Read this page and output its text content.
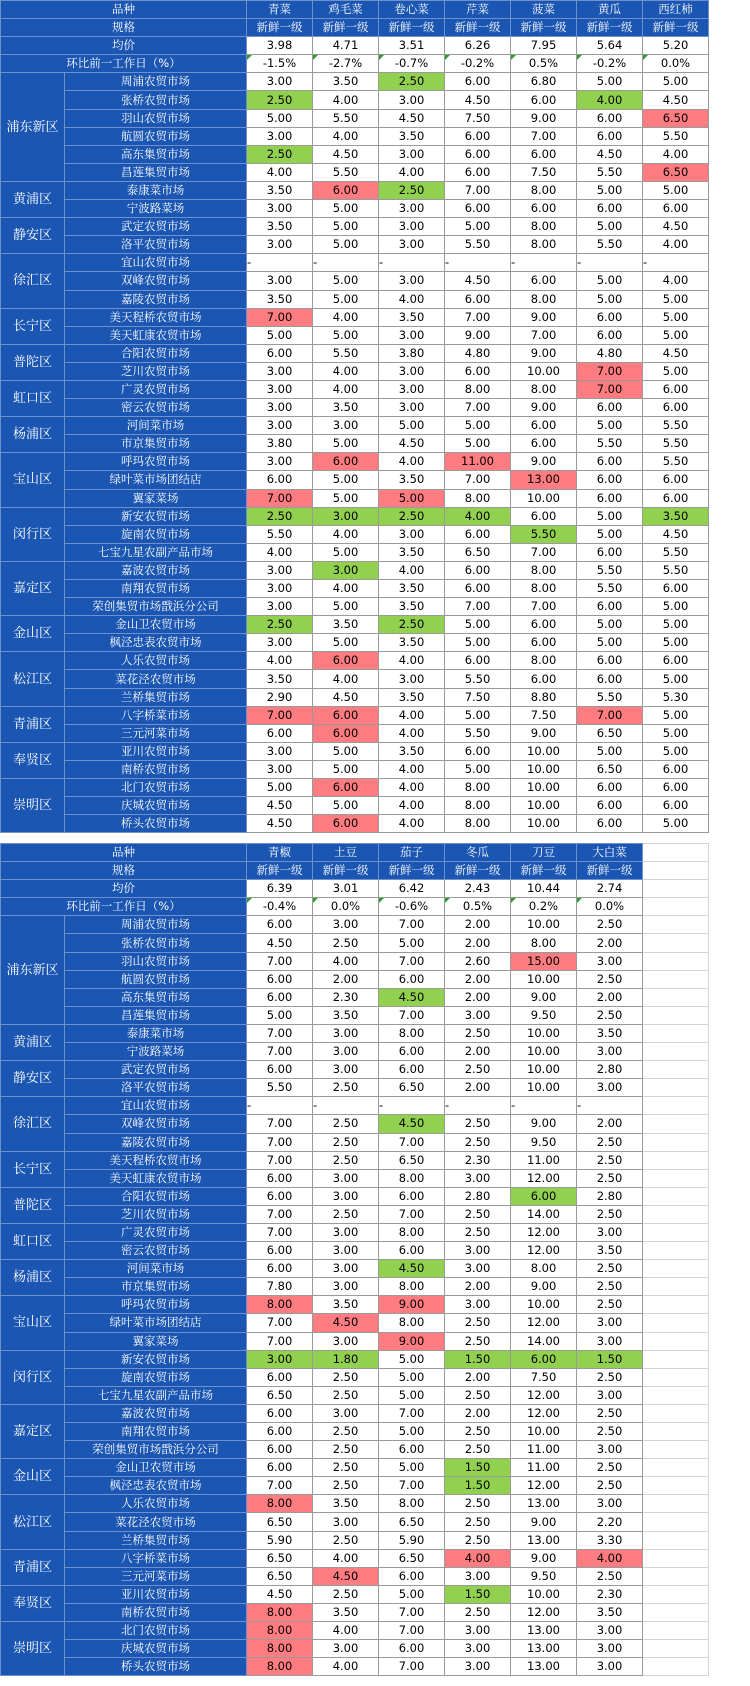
品种		青菜	鸡毛菜	卷心菜	芹菜	菠菜	黄瓜	西红柿
规格		新鲜一级	新鲜一级	新鲜一级	新鲜一级	新鲜一级	新鲜一级	新鲜一级
均价		3.98	4.71	3.51	6.26	7.95	5.64	5.20
环比前一工作日（%）		-1.5%	-2.7%	-0.7%	-0.2%	0.5%	-0.2%	0.0%
浦东新区	周浦农贸市场	3.00	3.50	2.50	6.00	6.80	5.00	5.00
	张桥农贸市场	2.50	4.00	3.00	4.50	6.00	4.00	4.50
	羽山农贸市场	5.00	5.50	4.50	7.50	9.00	6.00	6.50
	航圆农贸市场	3.00	4.00	3.50	6.00	7.00	6.00	5.50
	高东集贸市场	2.50	4.50	3.00	6.00	6.00	4.50	4.00
	昌莲集贸市场	4.00	5.50	4.00	6.00	7.50	5.50	6.50
黄浦区	泰康菜市场	3.50	6.00	2.50	7.00	8.00	5.00	5.00
	宁波路菜场	3.00	5.00	3.00	6.00	6.00	6.00	6.00
静安区	武定农贸市场	3.50	5.00	3.00	5.00	8.00	5.00	4.50
	洛平农贸市场	3.00	5.00	3.00	5.50	8.00	5.50	4.00
徐汇区	宜山农贸市场	-	-	-	-	-	-	-
	双峰农贸市场	3.00	5.00	3.00	4.50	6.00	5.00	4.00
	嘉陵农贸市场	3.50	5.00	4.00	6.00	8.00	5.00	5.00
长宁区	美天程桥农贸市场	7.00	4.00	3.50	7.00	9.00	6.00	5.00
	美天虹康农贸市场	5.00	5.00	3.00	9.00	7.00	6.00	5.00
普陀区	合阳农贸市场	6.00	5.50	3.80	4.80	9.00	4.80	4.50
	芝川农贸市场	3.00	4.00	3.00	6.00	10.00	7.00	5.00
虹口区	广灵农贸市场	3.00	4.00	3.00	8.00	8.00	7.00	6.00
	密云农贸市场	3.00	3.50	3.00	7.00	9.00	6.00	6.00
杨浦区	河间菜市场	3.00	3.00	5.00	5.00	6.00	5.00	5.50
	市京集贸市场	3.80	5.00	4.50	5.00	6.00	5.50	5.50
宝山区	呼玛农贸市场	3.00	6.00	4.00	11.00	9.00	6.00	5.50
	绿叶菜市场团结店	6.00	5.00	3.50	7.00	13.00	6.00	6.00
	翼家菜场	7.00	5.00	5.00	8.00	10.00	6.00	6.00
闵行区	新安农贸市场	2.50	3.00	2.50	4.00	6.00	5.00	3.50
	旋南农贸市场	5.50	4.00	3.00	6.00	5.50	5.00	4.50
	七宝九星农副产品市场	4.00	5.00	3.50	6.50	7.00	6.00	5.50
嘉定区	嘉波农贸市场	3.00	3.00	4.00	6.00	8.00	5.50	5.50
	南翔农贸市场	3.00	4.00	3.50	6.00	8.00	5.50	6.00
	荣创集贸市场戬浜分公司	3.00	5.00	3.50	7.00	7.00	6.00	5.00
金山区	金山卫农贸市场	2.50	3.50	2.50	5.00	6.00	5.00	5.00
	枫泾忠表农贸市场	3.00	5.00	3.50	5.00	6.00	5.00	5.00
松江区	人乐农贸市场	4.00	6.00	4.00	6.00	8.00	6.00	6.00
	菜花泾农贸市场	3.50	4.00	3.00	5.50	6.00	6.00	5.00
	兰桥集贸市场	2.90	4.50	3.50	7.50	8.80	5.50	5.30
青浦区	八字桥菜市场	7.00	6.00	4.00	5.00	7.50	7.00	5.00
	三元河菜市场	6.00	6.00	4.00	5.50	9.00	6.50	5.00
奉贤区	亚川农贸市场	3.00	5.00	3.50	6.00	10.00	5.00	5.00
	南桥农贸市场	3.00	5.00	4.00	5.00	10.00	6.50	6.00
崇明区	北门农贸市场	5.00	6.00	4.00	8.00	10.00	6.00	6.00
	庆城农贸市场	4.50	5.00	4.00	8.00	10.00	6.00	6.00
	桥头农贸市场	4.50	6.00	4.00	8.00	10.00	6.00	5.00
品种		青椒	土豆	茄子	冬瓜	刀豆	大白菜	
规格		新鲜一级	新鲜一级	新鲜一级	新鲜一级	新鲜一级	新鲜一级	
均价		6.39	3.01	6.42	2.43	10.44	2.74	
环比前一工作日（%）		-0.4%	0.0%	-0.6%	0.5%	0.2%	0.0%	
浦东新区	周浦农贸市场	6.00	3.00	7.00	2.00	10.00	2.50	
	张桥农贸市场	4.50	2.50	5.00	2.00	8.00	2.00	
	羽山农贸市场	7.00	4.00	7.00	2.60	15.00	3.00	
	航圆农贸市场	6.00	2.00	6.00	2.00	10.00	2.50	
	高东集贸市场	6.00	2.30	4.50	2.00	9.00	2.00	
	昌莲集贸市场	5.00	3.50	7.00	3.00	9.50	2.50	
黄浦区	泰康菜市场	7.00	3.00	8.00	2.50	10.00	3.50	
	宁波路菜场	7.00	3.00	6.00	2.00	10.00	3.00	
静安区	武定农贸市场	6.00	3.00	6.00	2.50	10.00	2.80	
	洛平农贸市场	5.50	2.50	6.50	2.00	10.00	3.00	
徐汇区	宜山农贸市场	-	-	-	-	-	-	
	双峰农贸市场	7.00	2.50	4.50	2.50	9.00	2.00	
	嘉陵农贸市场	7.00	2.50	7.00	2.50	9.50	2.50	
长宁区	美天程桥农贸市场	7.00	2.50	6.50	2.30	11.00	2.50	
	美天虹康农贸市场	6.00	3.00	8.00	3.00	12.00	2.50	
普陀区	合阳农贸市场	6.00	3.00	6.00	2.80	6.00	2.80	
	芝川农贸市场	7.00	2.50	7.00	2.50	14.00	2.50	
虹口区	广灵农贸市场	7.00	3.00	8.00	2.50	12.00	3.00	
	密云农贸市场	6.00	3.00	6.00	3.00	12.00	3.50	
杨浦区	河间菜市场	6.00	3.00	4.50	3.00	8.00	2.50	
	市京集贸市场	7.80	3.00	8.00	2.00	9.00	2.50	
宝山区	呼玛农贸市场	8.00	3.50	9.00	3.00	10.00	2.50	
	绿叶菜市场团结店	7.00	4.50	8.00	2.50	12.00	3.00	
	翼家菜场	7.00	3.00	9.00	2.50	14.00	3.00	
闵行区	新安农贸市场	3.00	1.80	5.00	1.50	6.00	1.50	
	旋南农贸市场	6.00	2.50	5.00	2.00	7.50	2.50	
	七宝九星农副产品市场	6.50	2.50	5.00	2.50	12.00	3.00	
嘉定区	嘉波农贸市场	6.00	3.00	7.00	2.00	12.00	2.50	
	南翔农贸市场	6.00	2.50	5.00	2.50	10.00	2.50	
	荣创集贸市场戬浜分公司	6.00	2.50	6.00	2.50	11.00	3.00	
金山区	金山卫农贸市场	6.00	2.50	5.00	1.50	11.00	2.50	
	枫泾忠表农贸市场	7.00	2.50	7.00	1.50	12.00	2.50	
松江区	人乐农贸市场	8.00	3.50	8.00	2.50	13.00	3.00	
	菜花泾农贸市场	6.50	3.00	6.50	2.50	9.00	2.20	
	兰桥集贸市场	5.90	2.50	5.90	2.50	13.00	3.30	
青浦区	八字桥菜市场	6.50	4.00	6.50	4.00	9.00	4.00	
	三元河菜市场	6.50	4.50	6.00	3.00	9.50	2.50	
奉贤区	亚川农贸市场	4.50	2.50	5.00	1.50	10.00	2.30	
	南桥农贸市场	8.00	3.50	7.00	2.50	12.00	3.50	
崇明区	北门农贸市场	8.00	4.00	7.00	3.00	13.00	3.00	
	庆城农贸市场	8.00	3.00	6.00	3.00	13.00	3.00	
	桥头农贸市场	8.00	4.00	7.00	3.00	13.00	3.00	
